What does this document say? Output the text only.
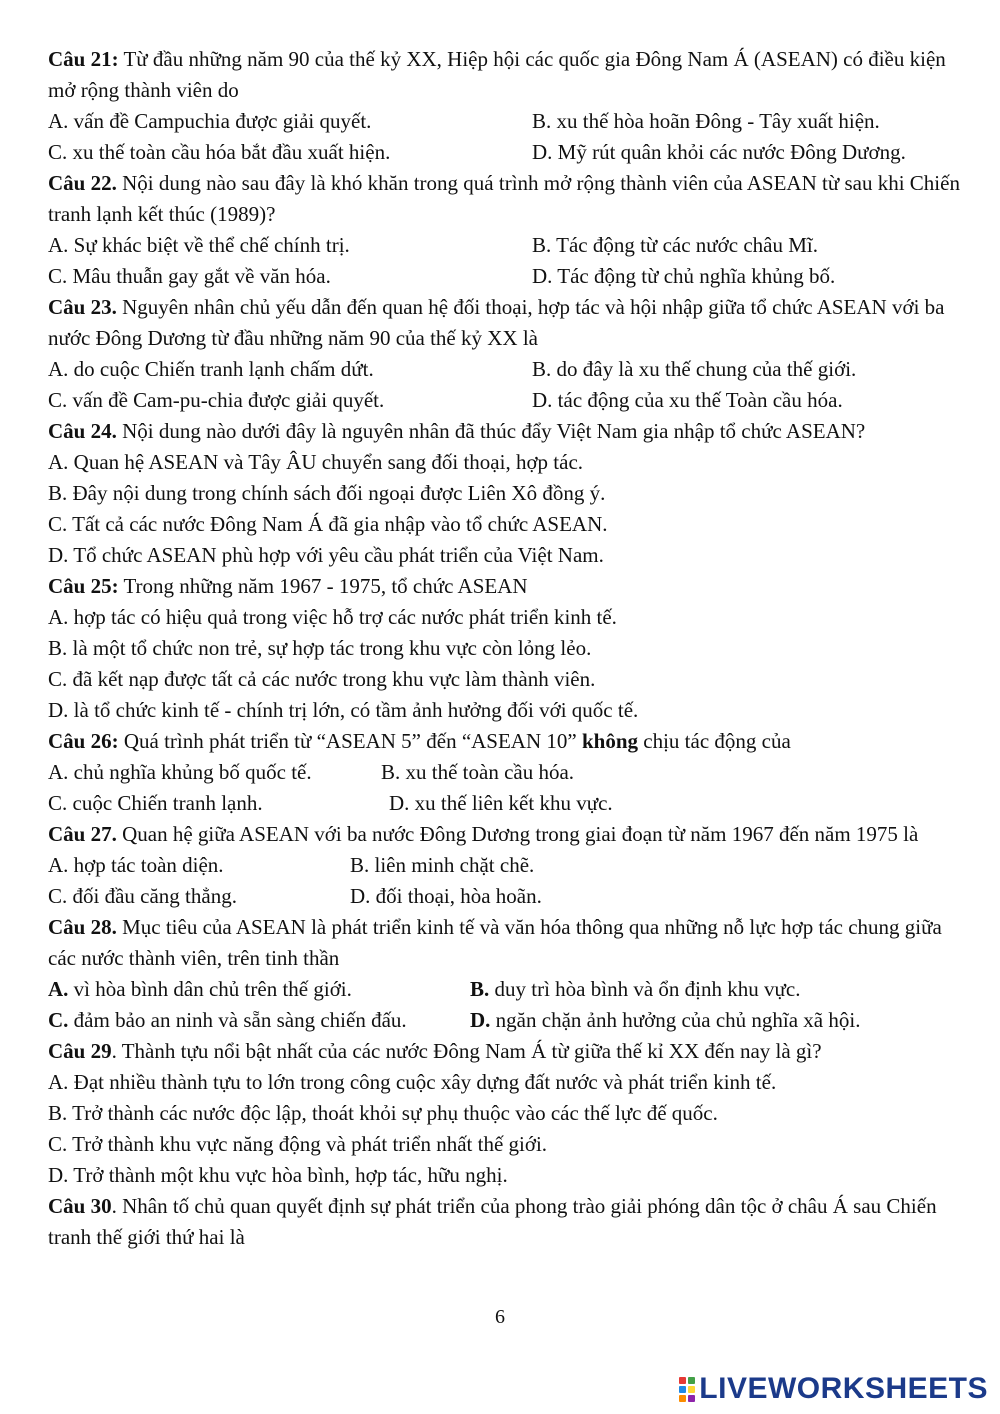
Câu 21: Từ đầu những năm 90 của thế kỷ XX, Hiệp hội các quốc gia Đông Nam Á (ASEAN) có điều kiện mở rộng thành viên do

A. vấn đề Campuchia được giải quyết.	B. xu thế hòa hoãn Đông - Tây xuất hiện.
C. xu thế toàn cầu hóa bắt đầu xuất hiện.	D. Mỹ rút quân khỏi các nước Đông Dương.

Câu 22. Nội dung nào sau đây là khó khăn trong quá trình mở rộng thành viên của ASEAN từ sau khi Chiến tranh lạnh kết thúc (1989)?

A. Sự khác biệt về thể chế chính trị.	B. Tác động từ các nước châu Mĩ.
C. Mâu thuẫn gay gắt về văn hóa.	D. Tác động từ chủ nghĩa khủng bố.

Câu 23. Nguyên nhân chủ yếu dẫn đến quan hệ đối thoại, hợp tác và hội nhập giữa tổ chức ASEAN với ba nước Đông Dương từ đầu những năm 90 của thế kỷ XX là

A. do cuộc Chiến tranh lạnh chấm dứt.	B. do đây là xu thế chung của thế giới.
C. vấn đề Cam-pu-chia được giải quyết.	D. tác động của xu thế Toàn cầu hóa.

Câu 24. Nội dung nào dưới đây là nguyên nhân đã thúc đẩy Việt Nam gia nhập tổ chức ASEAN?

A. Quan hệ ASEAN và Tây ÂU chuyển sang đối thoại, hợp tác.

B. Đây nội dung trong chính sách đối ngoại được Liên Xô đồng ý.

C. Tất cả các nước Đông Nam Á đã gia nhập vào tổ chức ASEAN.

D. Tổ chức ASEAN phù hợp với yêu cầu phát triển của Việt Nam.

Câu 25: Trong những năm 1967 - 1975, tổ chức ASEAN

A. hợp tác có hiệu quả trong việc hỗ trợ các nước phát triển kinh tế.

B. là một tổ chức non trẻ, sự hợp tác trong khu vực còn lỏng lẻo.

C. đã kết nạp được tất cả các nước trong khu vực làm thành viên.

D. là tổ chức kinh tế - chính trị lớn, có tầm ảnh hưởng đối với quốc tế.

Câu 26: Quá trình phát triển từ “ASEAN 5” đến “ASEAN 10” không chịu tác động của

A. chủ nghĩa khủng bố quốc tế.	B. xu thế toàn cầu hóa.
C. cuộc Chiến tranh lạnh.	D. xu thế liên kết khu vực.

Câu 27. Quan hệ giữa ASEAN với ba nước Đông Dương trong giai đoạn từ năm 1967 đến năm 1975 là

A. hợp tác toàn diện.	B. liên minh chặt chẽ.
C. đối đầu căng thẳng.	D. đối thoại, hòa hoãn.

Câu 28. Mục tiêu của ASEAN là phát triển kinh tế và văn hóa thông qua những nỗ lực hợp tác chung giữa các nước thành viên, trên tinh thần

A. vì hòa bình dân chủ trên thế giới.	B. duy trì hòa bình và ổn định khu vực.
C. đảm bảo an ninh và sẵn sàng chiến đấu.	D. ngăn chặn ảnh hưởng của chủ nghĩa xã hội.

Câu 29. Thành tựu nổi bật nhất của các nước Đông Nam Á từ giữa thế kỉ XX đến nay là gì?

A. Đạt nhiều thành tựu to lớn trong công cuộc xây dựng đất nước và phát triển kinh tế.

B. Trở thành các nước độc lập, thoát khỏi sự phụ thuộc vào các thế lực đế quốc.

C. Trở thành khu vực năng động và phát triển nhất thế giới.

D. Trở thành một khu vực hòa bình, hợp tác, hữu nghị.

Câu 30. Nhân tố chủ quan quyết định sự phát triển của phong trào giải phóng dân tộc ở châu Á sau Chiến tranh thế giới thứ hai là

6
LIVEWORKSHEETS
